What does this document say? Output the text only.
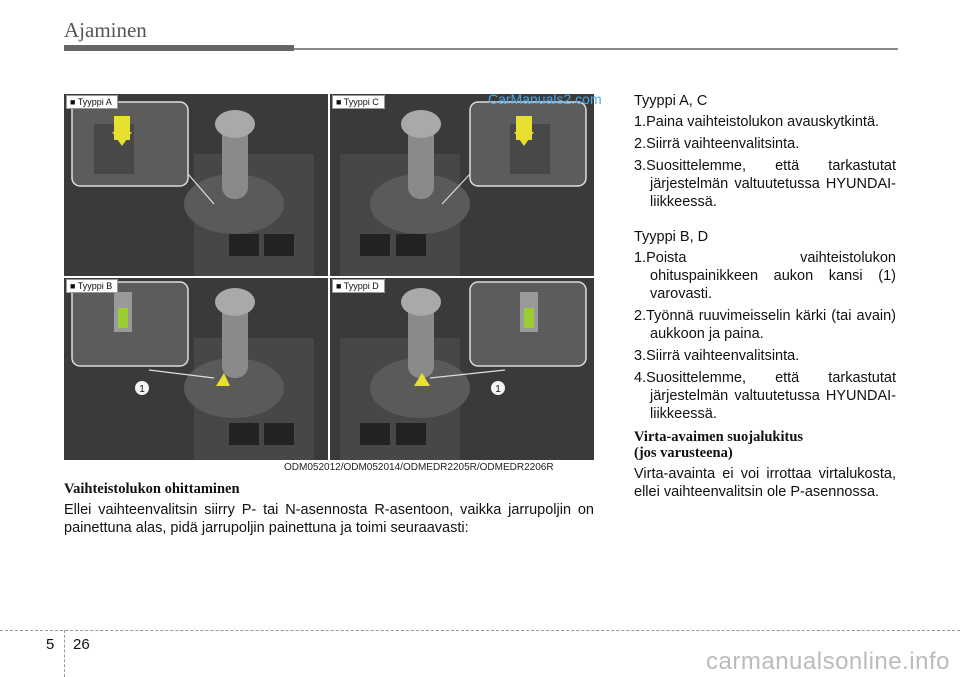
Ajaminen
■ Tyyppi A	■ Tyyppi C
1
■ Tyyppi B
1
■ Tyyppi D
CarManuals2.com
ODM052012/ODM052014/ODMEDR2205R/ODMEDR2206R
Vaihteistolukon ohittaminen
Ellei vaihteenvalitsin siirry P- tai N-asennosta R-asentoon, vaikka jarrupoljin on painettuna alas, pidä jarrupoljin painettuna ja toimi seuraavasti:
Tyyppi A, C
1.Paina vaihteistolukon avauskytkintä.
2.Siirrä vaihteenvalitsinta.
3.Suosittelemme, että tarkastutat järjestelmän valtuutetussa HYUNDAI-liikkeessä.
Tyyppi B, D
1.Poista vaihteistolukon ohituspainikkeen aukon kansi (1) varovasti.
2.Työnnä ruuvimeisselin kärki (tai avain) aukkoon ja paina.
3.Siirrä vaihteenvalitsinta.
4.Suosittelemme, että tarkastutat järjestelmän valtuutetussa HYUNDAI-liikkeessä.
Virta-avaimen suojalukitus
(jos varusteena)
Virta-avainta ei voi irrottaa virtalukosta, ellei vaihteenvalitsin ole P-asennossa.
5 26
carmanualsonline.info
